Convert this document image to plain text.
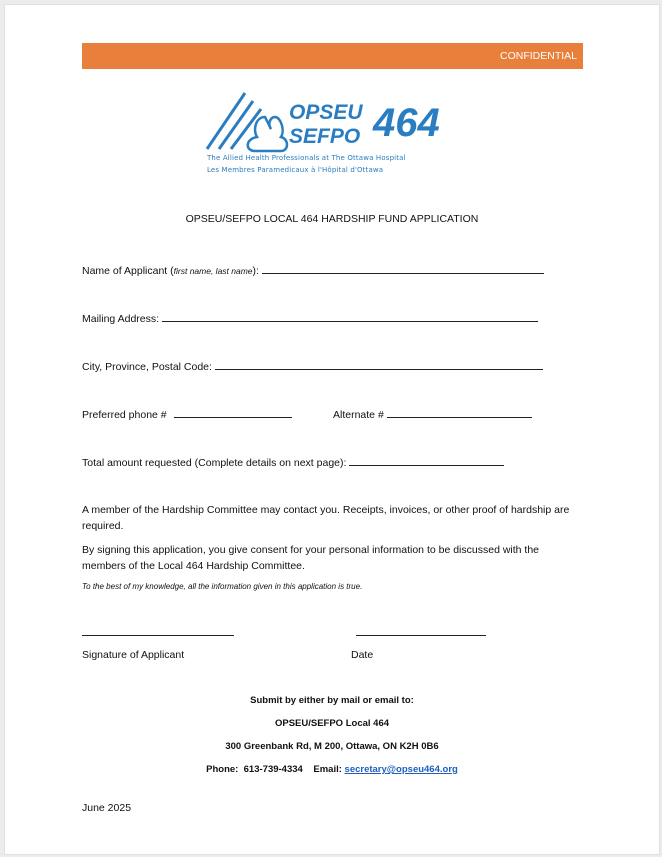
CONFIDENTIAL
OPSEU
SEFPO 464
The Allied Health Professionals at The Ottawa Hospital
Les Membres Paramedicaux à l'Hôpital d'Ottawa
OPSEU/SEFPO LOCAL 464 HARDSHIP FUND APPLICATION
Name of Applicant (first name, last name):
Mailing Address:
City, Province, Postal Code:
Preferred phone #	Alternate #
Total amount requested (Complete details on next page):
A member of the Hardship Committee may contact you. Receipts, invoices, or other proof of hardship are required.
By signing this application, you give consent for your personal information to be discussed with the members of the Local 464 Hardship Committee.
To the best of my knowledge, all the information given in this application is true.
Signature of Applicant	Date
Submit by either by mail or email to:
OPSEU/SEFPO Local 464
300 Greenbank Rd, M 200, Ottawa, ON K2H 0B6
Phone: 613-739-4334 Email: secretary@opseu464.org
June 2025
